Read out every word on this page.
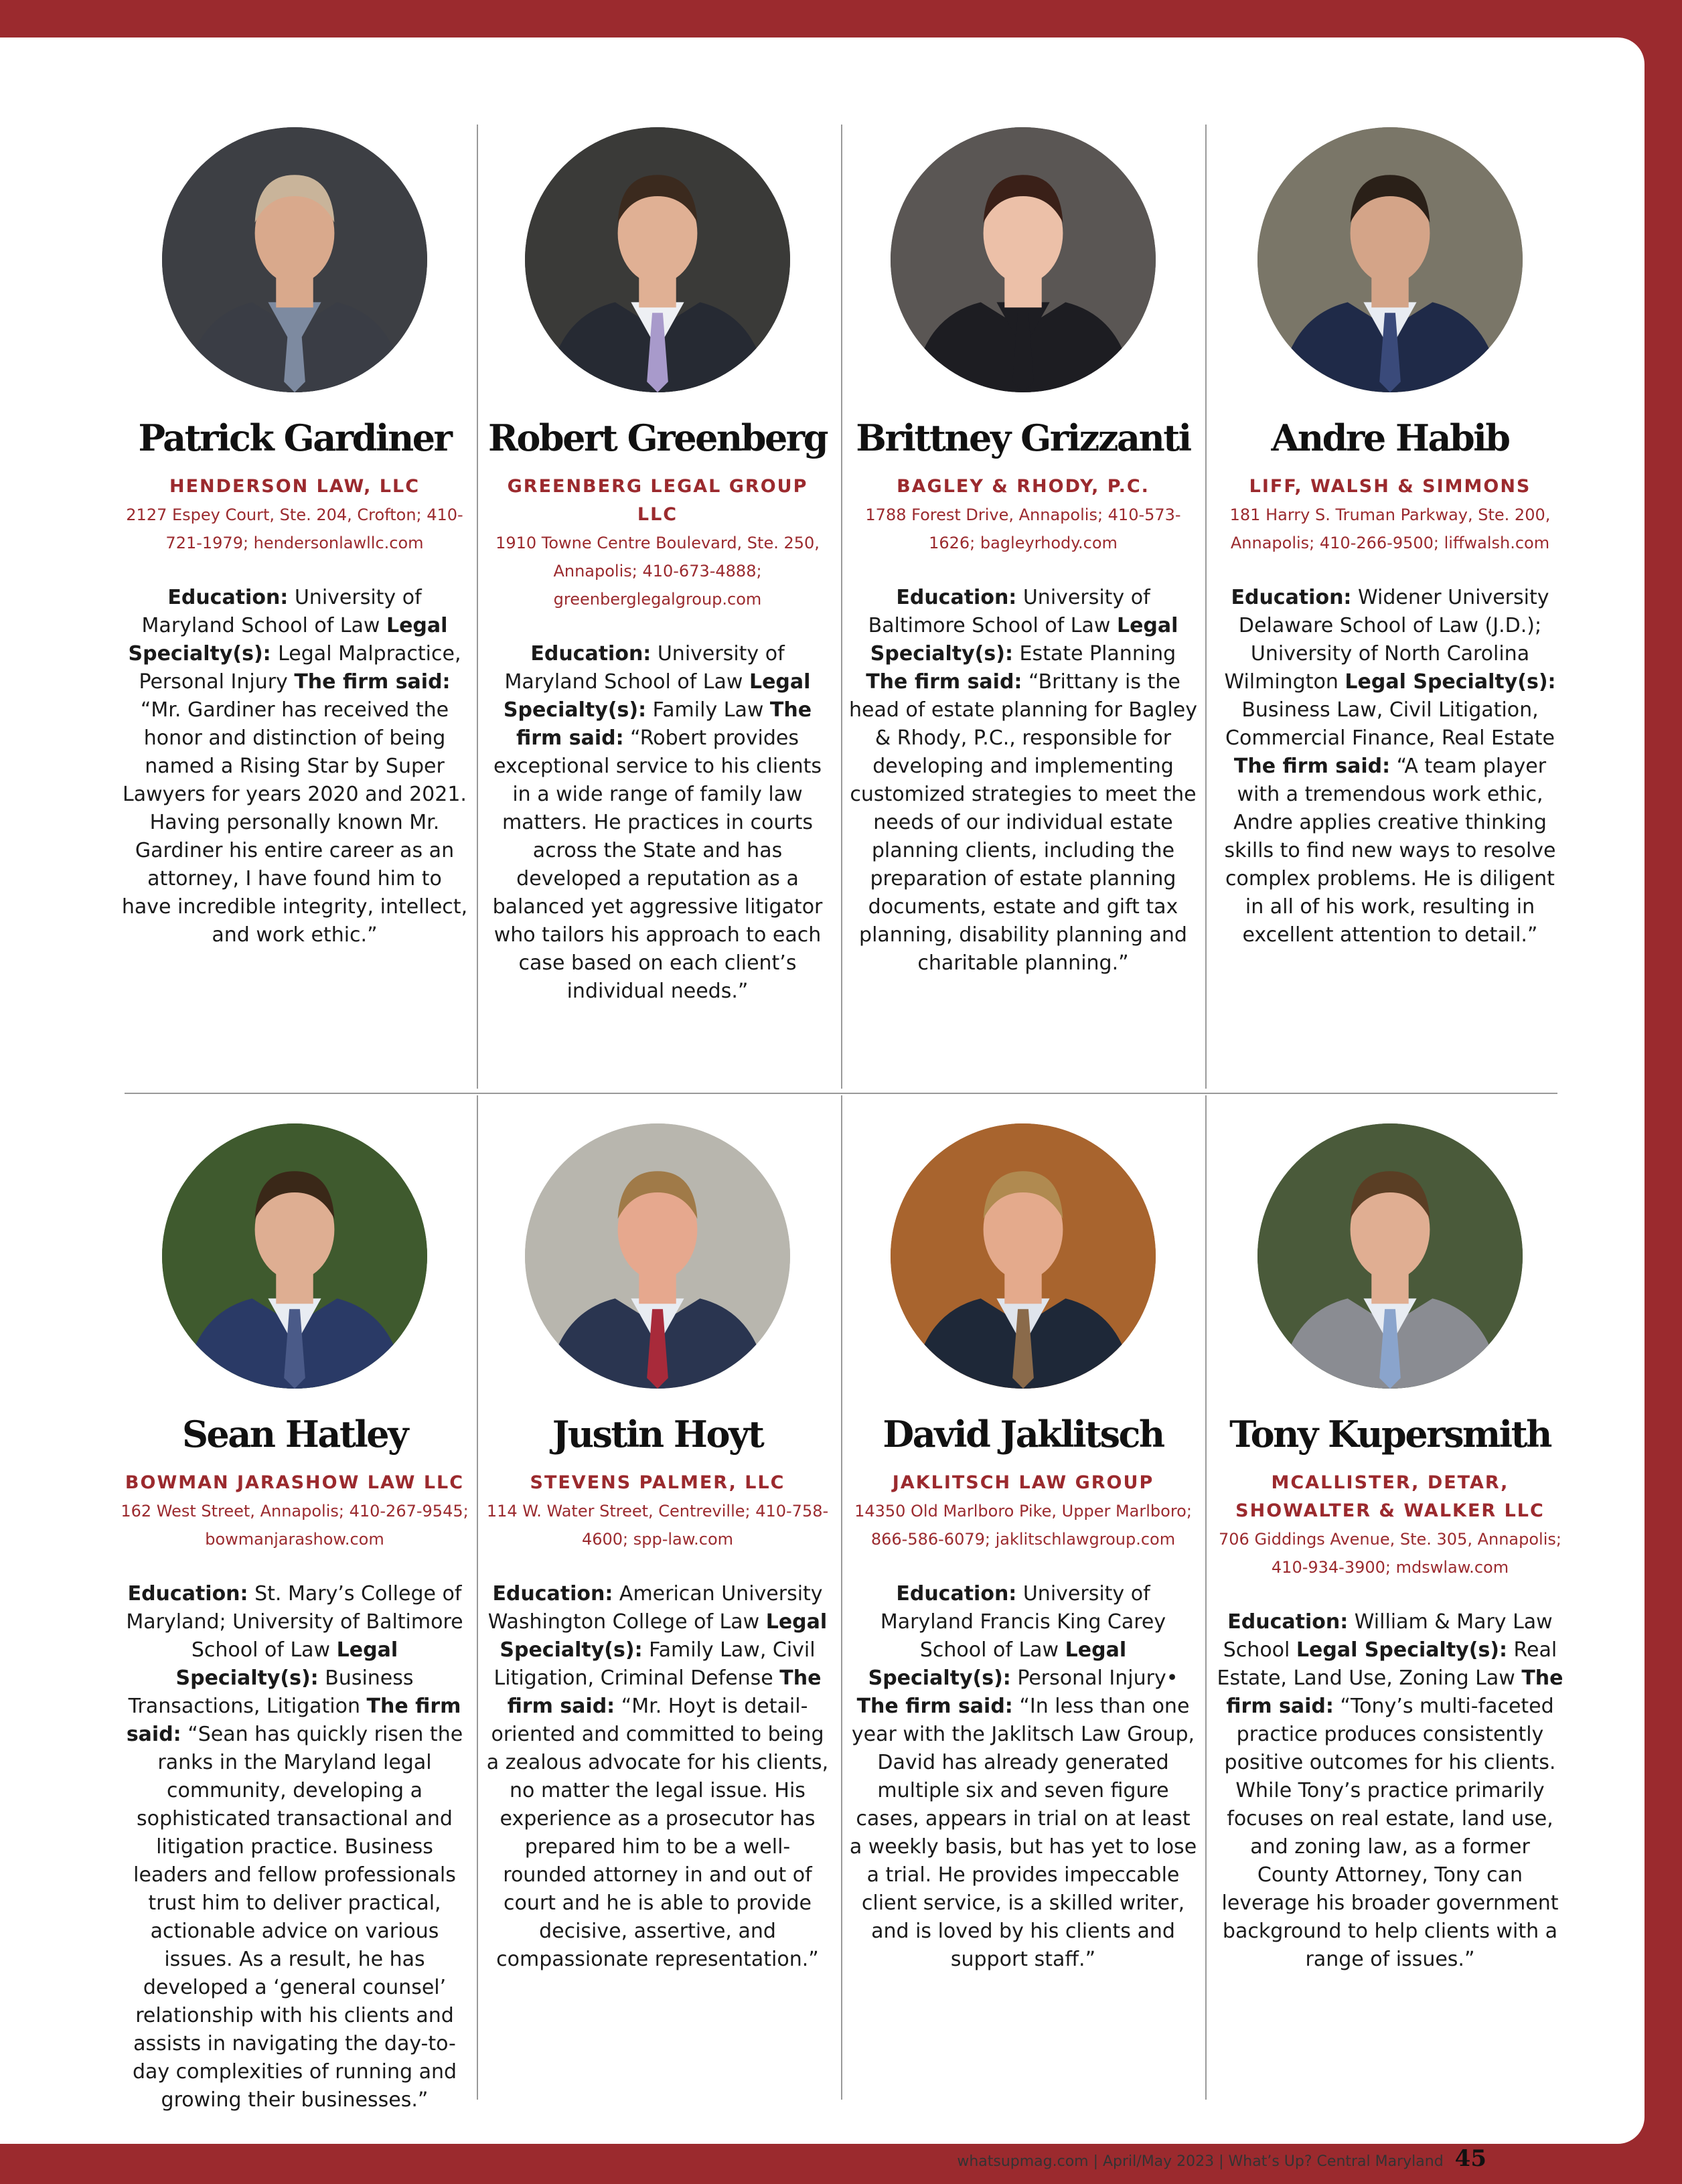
Patrick Gardiner
HENDERSON LAW, LLC
2127 Espey Court, Ste. 204, Crofton; 410-721-1979; hendersonlawllc.com
Education: University of Maryland School of Law Legal Specialty(s): Legal Malpractice, Personal Injury The firm said: “Mr. Gardiner has received the honor and distinction of being named a Rising Star by Super Lawyers for years 2020 and 2021. Having personally known Mr. Gardiner his entire career as an attorney, I have found him to have incredible integrity, intellect, and work ethic.”
Robert Greenberg
GREENBERG LEGAL GROUP LLC
1910 Towne Centre Boulevard, Ste. 250, Annapolis; 410-673-4888; greenberglegalgroup.com
Education: University of Maryland School of Law Legal Specialty(s): Family Law The firm said: “Robert provides exceptional service to his clients in a wide range of family law matters. He practices in courts across the State and has developed a reputation as a balanced yet aggressive litigator who tailors his approach to each case based on each client’s individual needs.”
Brittney Grizzanti
BAGLEY & RHODY, P.C.
1788 Forest Drive, Annapolis; 410-573-1626; bagleyrhody.com
Education: University of Baltimore School of Law Legal Specialty(s): Estate Planning The firm said: “Brittany is the head of estate planning for Bagley & Rhody, P.C., responsible for developing and implementing customized strategies to meet the needs of our individual estate planning clients, including the preparation of estate planning documents, estate and gift tax planning, disability planning and charitable planning.”
Andre Habib
LIFF, WALSH & SIMMONS
181 Harry S. Truman Parkway, Ste. 200, Annapolis; 410-266-9500; liffwalsh.com
Education: Widener University Delaware School of Law (J.D.); University of North Carolina Wilmington Legal Specialty(s): Business Law, Civil Litigation, Commercial Finance, Real Estate The firm said: “A team player with a tremendous work ethic, Andre applies creative thinking skills to find new ways to resolve complex problems. He is diligent in all of his work, resulting in excellent attention to detail.”
Sean Hatley
BOWMAN JARASHOW LAW LLC
162 West Street, Annapolis; 410-267-9545; bowmanjarashow.com
Education: St. Mary’s College of Maryland; University of Baltimore School of Law Legal Specialty(s): Business Transactions, Litigation The firm said: “Sean has quickly risen the ranks in the Maryland legal community, developing a sophisticated transactional and litigation practice. Business leaders and fellow professionals trust him to deliver practical, actionable advice on various issues. As a result, he has developed a ‘general counsel’ relationship with his clients and assists in navigating the day-to-day complexities of running and growing their businesses.”
Justin Hoyt
STEVENS PALMER, LLC
114 W. Water Street, Centreville; 410-758-4600; spp-law.com
Education: American University Washington College of Law Legal Specialty(s): Family Law, Civil Litigation, Criminal Defense The firm said: “Mr. Hoyt is detail-oriented and committed to being a zealous advocate for his clients, no matter the legal issue. His experience as a prosecutor has prepared him to be a well-rounded attorney in and out of court and he is able to provide decisive, assertive, and compassionate representation.”
David Jaklitsch
JAKLITSCH LAW GROUP
14350 Old Marlboro Pike, Upper Marlboro; 866-586-6079; jaklitschlawgroup.com
Education: University of Maryland Francis King Carey School of Law Legal Specialty(s): Personal Injury• The firm said: “In less than one year with the Jaklitsch Law Group, David has already generated multiple six and seven figure cases, appears in trial on at least a weekly basis, but has yet to lose a trial. He provides impeccable client service, is a skilled writer, and is loved by his clients and support staff.”
Tony Kupersmith
MCALLISTER, DETAR, SHOWALTER & WALKER LLC
706 Giddings Avenue, Ste. 305, Annapolis; 410-934-3900; mdswlaw.com
Education: William & Mary Law School Legal Specialty(s): Real Estate, Land Use, Zoning Law The firm said: “Tony’s multi-faceted practice produces consistently positive outcomes for his clients. While Tony’s practice primarily focuses on real estate, land use, and zoning law, as a former County Attorney, Tony can leverage his broader government background to help clients with a range of issues.”
whatsupmag.com | April/May 2023 | What’s Up? Central Maryland 45
